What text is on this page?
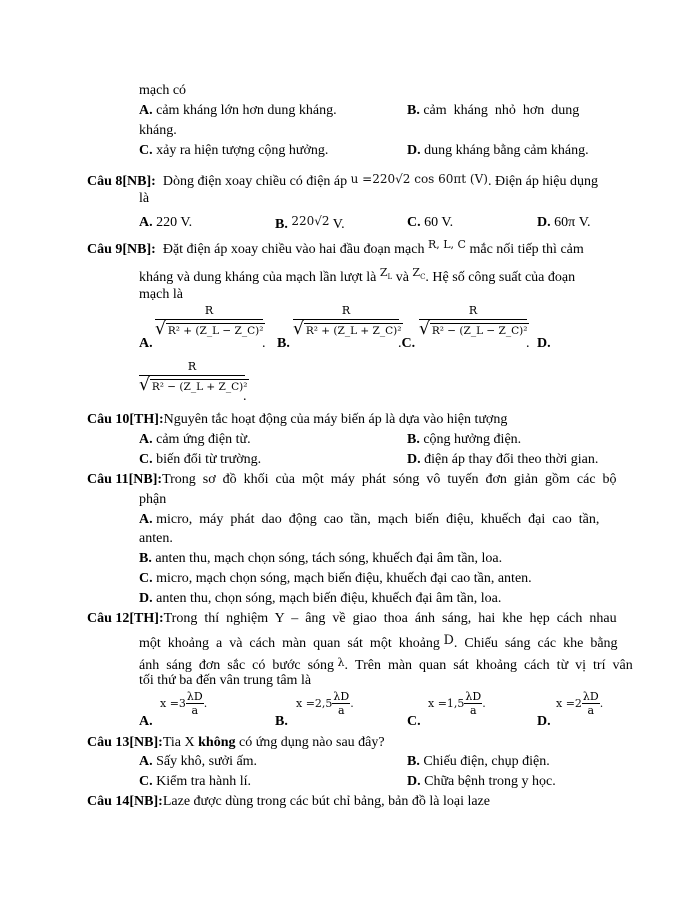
mạch có
A. cảm kháng lớn hơn dung kháng.	B. cảm  kháng  nhỏ  hơn  dung
kháng.
C. xảy ra hiện tượng cộng hưởng.	D. dung kháng bằng cảm kháng.
Câu 8[NB]: Dòng điện xoay chiều có điện áp u =220√2 cos 60πt (V). Điện áp hiệu dụng
là
A. 220 V.	B. 220√2 V.	C. 60 V.	D. 60π V.
Câu 9[NB]: Đặt điện áp xoay chiều vào hai đầu đoạn mạch $^{R, L, C}$ mắc nối tiếp thì cảm
kháng và dung kháng của mạch lần lượt là $^{Z_L}$ và $^{Z_C}$. Hệ số công suất của đoạn
mạch là
A.
R
√ R² + (Z_L − Z_C)²
. B.
R
√ R² + (Z_L + Z_C)²
.C.
R
√ R² − (Z_L − Z_C)²
. D.
R
√ R² − (Z_L + Z_C)²
.
Câu 10[TH]:Nguyên tắc hoạt động của máy biến áp là dựa vào hiện tượng
A. cảm ứng điện từ.	B. cộng hưởng điện.
C. biến đổi từ trường.	D. điện áp thay đổi theo thời gian.
Câu 11[NB]:Trong  sơ  đồ  khối  của  một  máy  phát  sóng  vô  tuyến  đơn  giản  gồm  các  bộ
phận
A. micro,  máy  phát  dao  động  cao  tần,  mạch  biến  điệu,  khuếch  đại  cao  tần,
anten.
B. anten thu, mạch chọn sóng, tách sóng, khuếch đại âm tần, loa.
C. micro, mạch chọn sóng, mạch biến điệu, khuếch đại cao tần, anten.
D. anten thu, chọn sóng, mạch biến điệu, khuếch đại âm tần, loa.
Câu 12[TH]:Trong  thí  nghiệm  Y  –  âng  về  giao  thoa  ánh  sáng,  hai  khe  hẹp  cách  nhau
một  khoảng  a  và  cách  màn  quan  sát  một  khoảng D.  Chiếu  sáng  các  khe  bằng
ánh  sáng  đơn  sắc  có  bước  sóng $^\lambda$.  Trên  màn  quan  sát  khoảng  cách  từ  vị  trí  vân
tối thứ ba đến vân trung tâm là
A.
$x =3 \frac{\lambda D}{a}$ .
B.
$x =2,5 \frac{\lambda D}{a}$ .
C.
$x =1,5 \frac{\lambda D}{a}$ .
D.
$x =2 \frac{\lambda D}{a}$ .
Câu 13[NB]:Tia X không có ứng dụng nào sau đây?
A. Sấy khô, sưởi ấm.	B. Chiếu điện, chụp điện.
C. Kiểm tra hành lí.	D. Chữa bệnh trong y học.
Câu 14[NB]:Laze được dùng trong các bút chỉ bảng, bản đồ là loại laze
